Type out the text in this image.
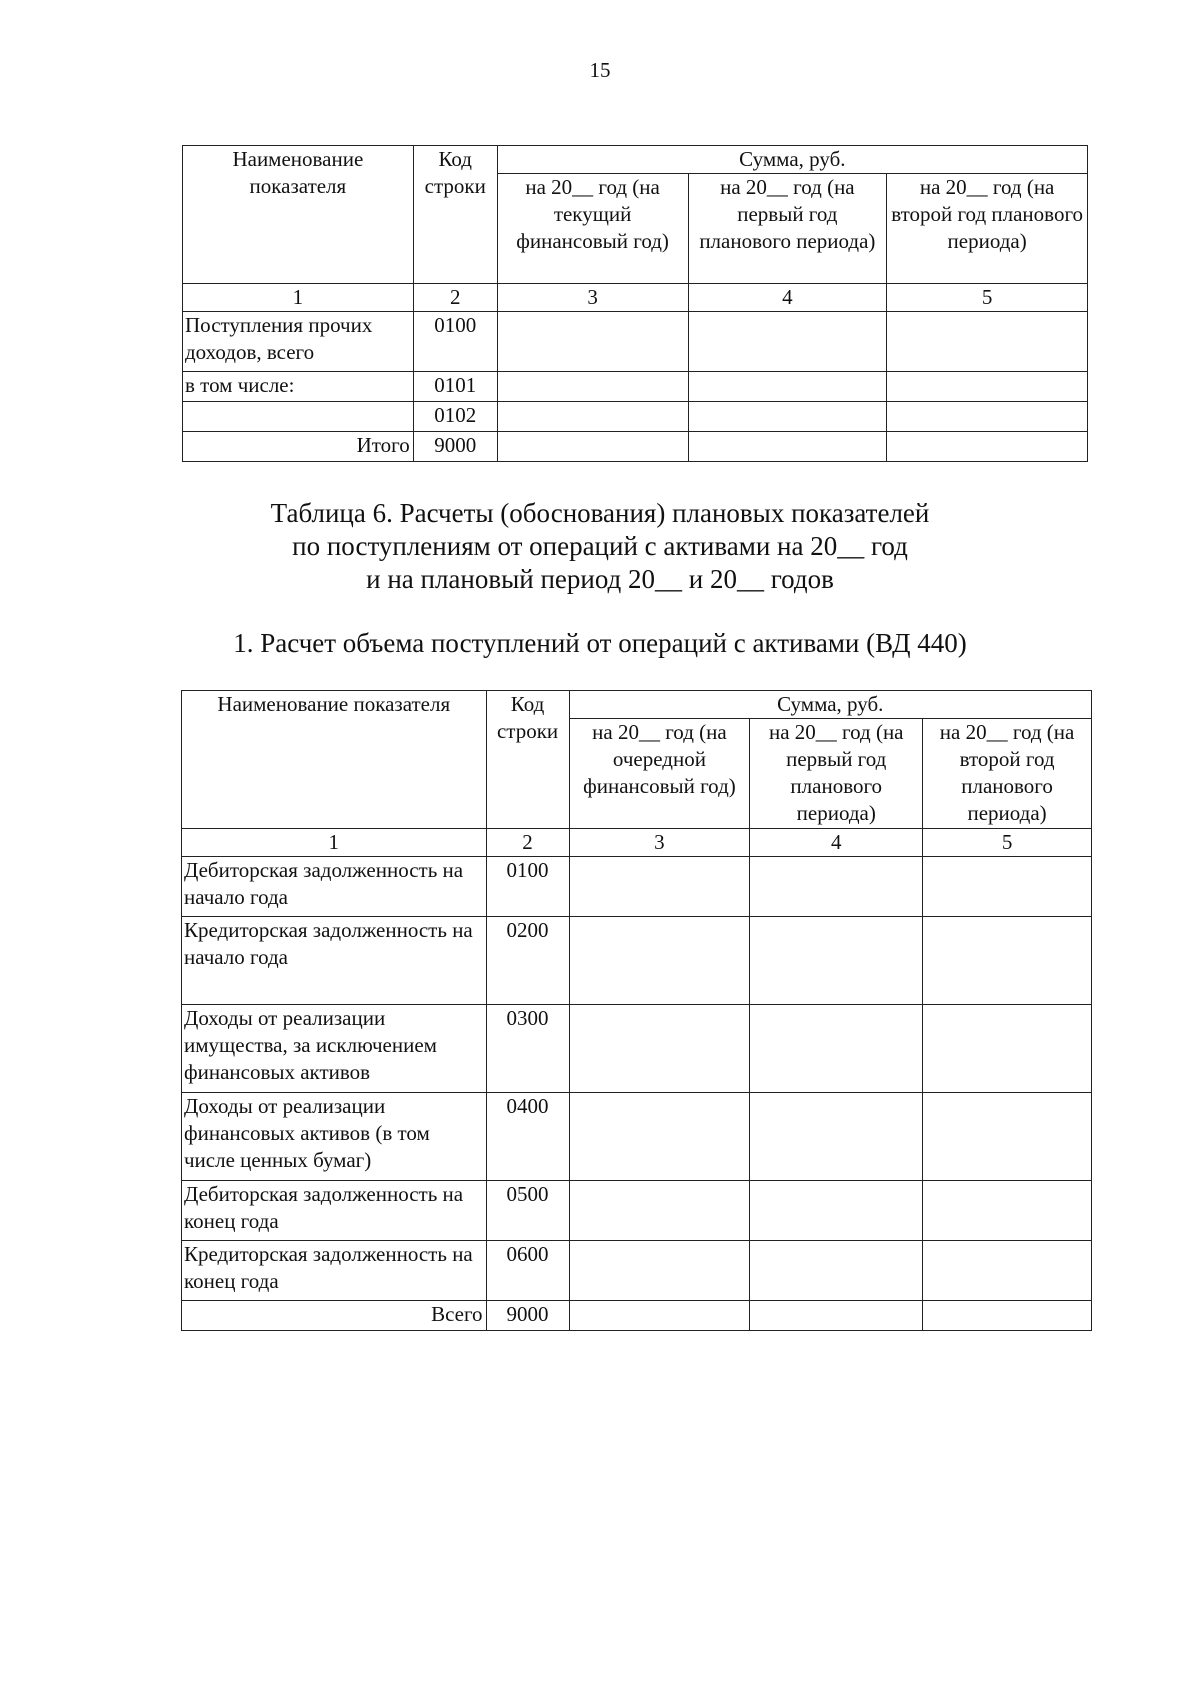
15
Наименование показателя	Код строки	Сумма, руб.		
		на 20__ год (на текущий финансовый год)	на 20__ год (на первый год планового периода)	на 20__ год (на второй год планового периода)
1	2	3	4	5
Поступления прочих доходов, всего	0100			
в том числе:	0101			
	0102			
Итого	9000			
Таблица 6. Расчеты (обоснования) плановых показателей
по поступлениям от операций с активами на 20__ год
и на плановый период 20__ и 20__ годов
1. Расчет объема поступлений от операций с активами (ВД 440)
Наименование показателя	Код строки	Сумма, руб.		
		на 20__ год (на очередной финансовый год)	на 20__ год (на первый год планового периода)	на 20__ год (на второй год планового периода)
1	2	3	4	5
Дебиторская задолженность на начало года	0100			
Кредиторская задолженность на начало года	0200			
Доходы от реализации имущества, за исключением финансовых активов	0300			
Доходы от реализации финансовых активов (в том числе ценных бумаг)	0400			
Дебиторская задолженность на конец года	0500			
Кредиторская задолженность на конец года	0600			
Всего	9000			
